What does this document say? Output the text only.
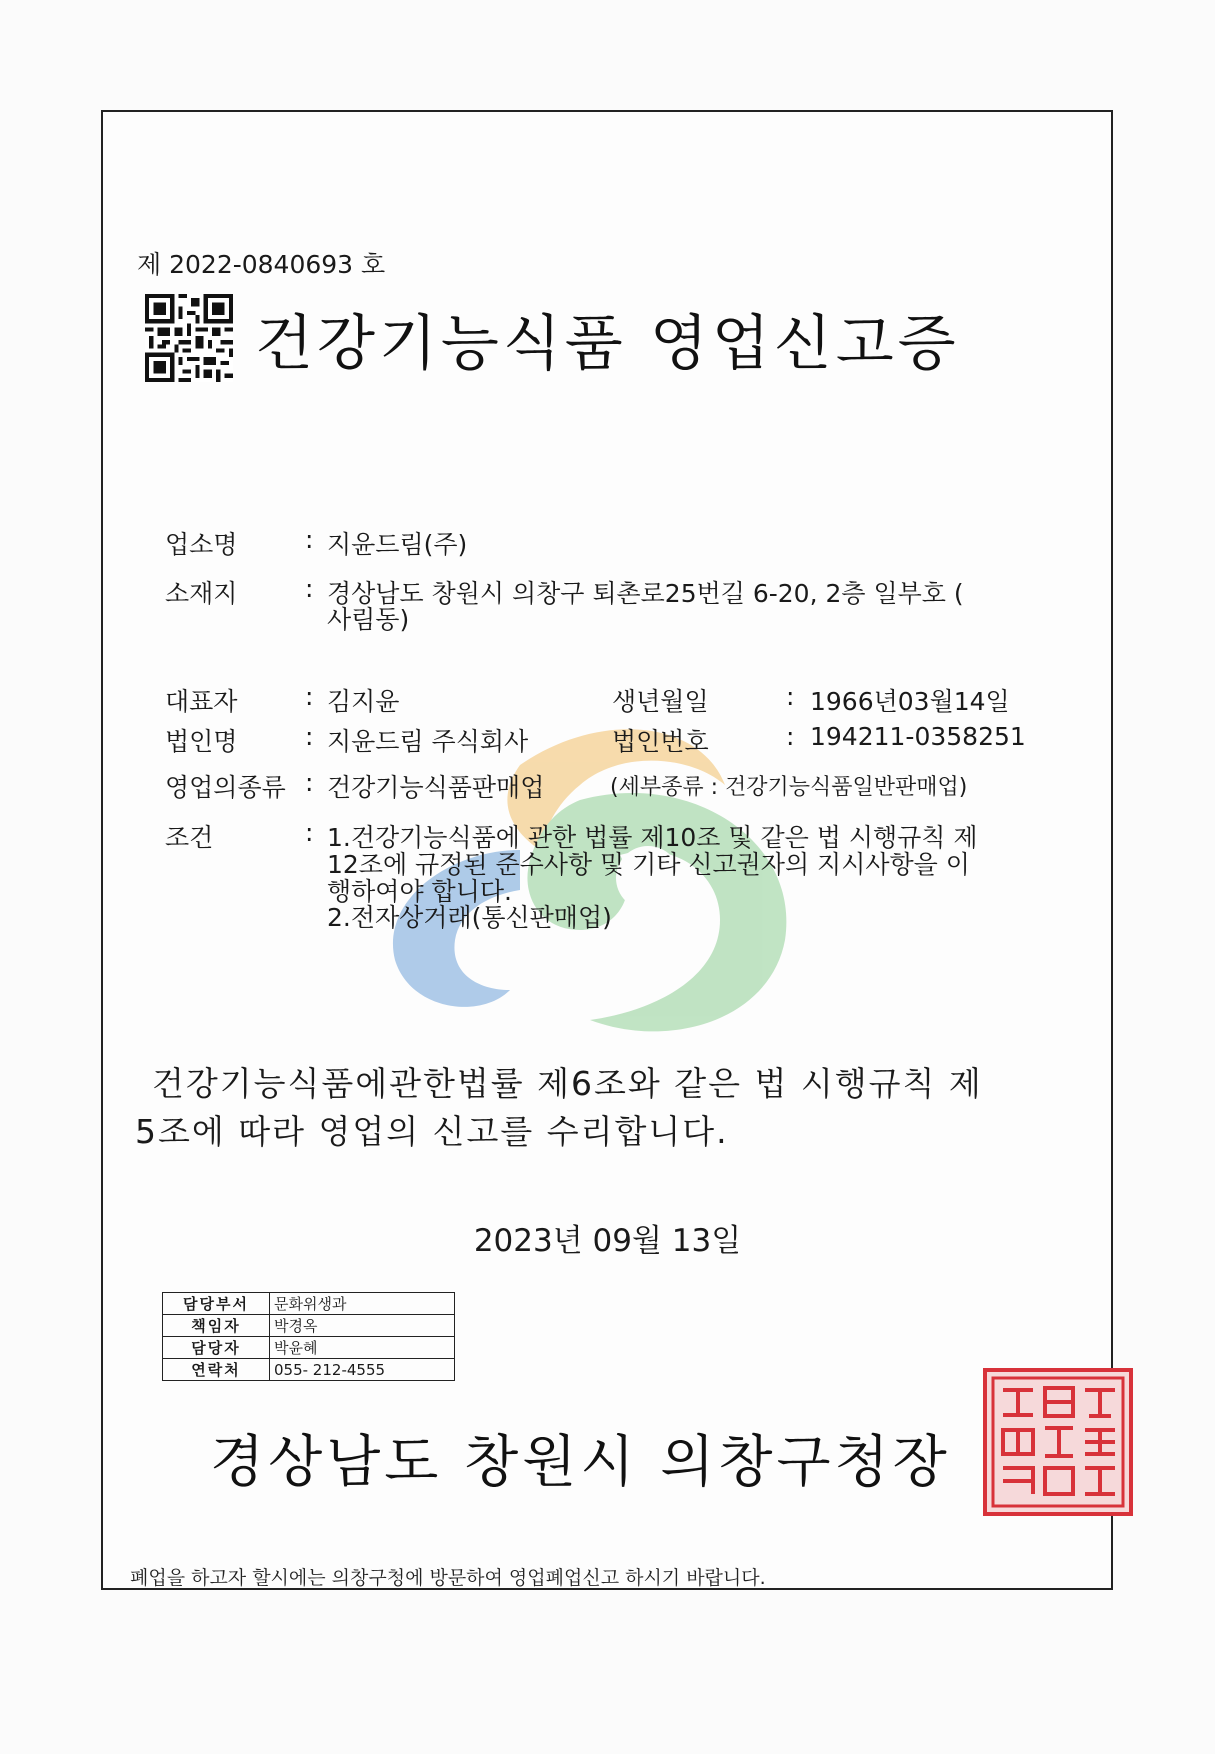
제 2022-0840693 호
건강기능식품 영업신고증
업소명	: 지윤드림(주)
소재지	: 경상남도 창원시 의창구 퇴촌로25번길 6-20, 2층 일부호 (
사림동)
대표자	: 김지윤	생년월일	: 1966년03월14일
법인명	: 지윤드림 주식회사	법인번호	: 194211-0358251
영업의종류 : 건강기능식품판매업	(세부종류 : 건강기능식품일반판매업)
조건	: 1.건강기능식품에 관한 법률 제10조 및 같은 법 시행규칙 제
12조에 규정된 준수사항 및 기타 신고권자의 지시사항을 이
행하여야 합니다.
2.전자상거래(통신판매업)
건강기능식품에관한법률 제6조와 같은 법 시행규칙 제
5조에 따라 영업의 신고를 수리합니다.
2023년 09월 13일
담당부서	문화위생과
책임자	박경옥
담당자	박윤혜
연락처	055- 212-4555
경상남도 창원시 의창구청장
폐업을 하고자 할시에는 의창구청에 방문하여 영업폐업신고 하시기 바랍니다.
